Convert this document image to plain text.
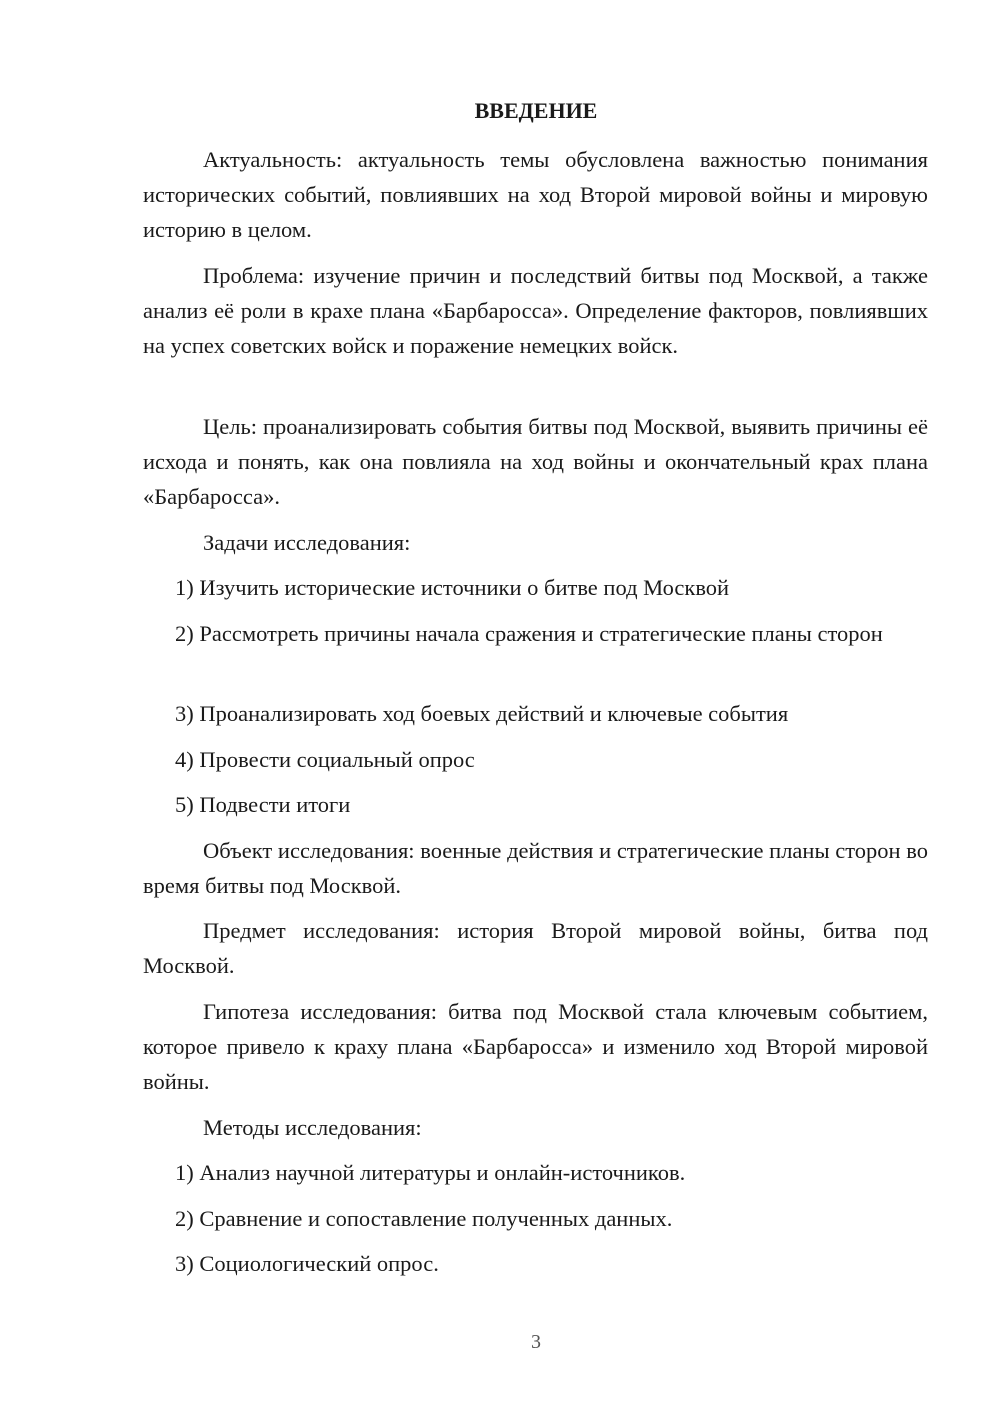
ВВЕДЕНИЕ

Актуальность: актуальность темы обусловлена важностью понимания исторических событий, повлиявших на ход Второй мировой войны и мировую историю в целом.

Проблема: изучение причин и последствий битвы под Москвой, а также анализ её роли в крахе плана «Барбаросса». Определение факторов, повлиявших на успех советских войск и поражение немецких войск.

Цель: проанализировать события битвы под Москвой, выявить причины её исхода и понять, как она повлияла на ход войны и окончательный крах плана «Барбаросса».

Задачи исследования:

1) Изучить исторические источники о битве под Москвой

2) Рассмотреть причины начала сражения и стратегические планы сторон

3) Проанализировать ход боевых действий и ключевые события

4) Провести социальный опрос

5) Подвести итоги

Объект исследования: военные действия и стратегические планы сторон во время битвы под Москвой.

Предмет исследования: история Второй мировой войны, битва под Москвой.

Гипотеза исследования: битва под Москвой стала ключевым событием, которое привело к краху плана «Барбаросса» и изменило ход Второй мировой войны.

Методы исследования:

1) Анализ научной литературы и онлайн-источников.

2) Сравнение и сопоставление полученных данных.

3) Социологический опрос.

3
